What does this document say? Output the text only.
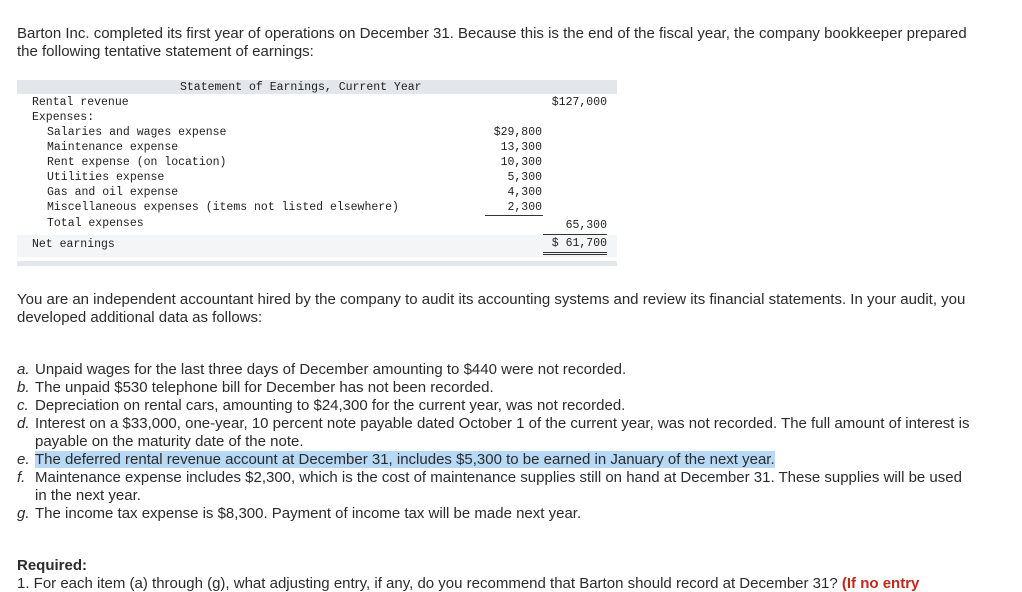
Barton Inc. completed its first year of operations on December 31. Because this is the end of the fiscal year, the company bookkeeper prepared the following tentative statement of earnings:
Statement of Earnings, Current Year
Rental revenue	$127,000
Expenses:
Salaries and wages expense	$29,800
Maintenance expense	13,300
Rent expense (on location)	10,300
Utilities expense	5,300
Gas and oil expense	4,300
Miscellaneous expenses (items not listed elsewhere)	2,300
Total expenses	65,300
Net earnings	$ 61,700
You are an independent accountant hired by the company to audit its accounting systems and review its financial statements. In your audit, you developed additional data as follows:
a. Unpaid wages for the last three days of December amounting to $440 were not recorded.
b. The unpaid $530 telephone bill for December has not been recorded.
c. Depreciation on rental cars, amounting to $24,300 for the current year, was not recorded.
d. Interest on a $33,000, one-year, 10 percent note payable dated October 1 of the current year, was not recorded. The full amount of interest is payable on the maturity date of the note.
e. The deferred rental revenue account at December 31, includes $5,300 to be earned in January of the next year.
f. Maintenance expense includes $2,300, which is the cost of maintenance supplies still on hand at December 31. These supplies will be used in the next year.
g. The income tax expense is $8,300. Payment of income tax will be made next year.
Required:
1. For each item (a) through (g), what adjusting entry, if any, do you recommend that Barton should record at December 31? (If no entry
